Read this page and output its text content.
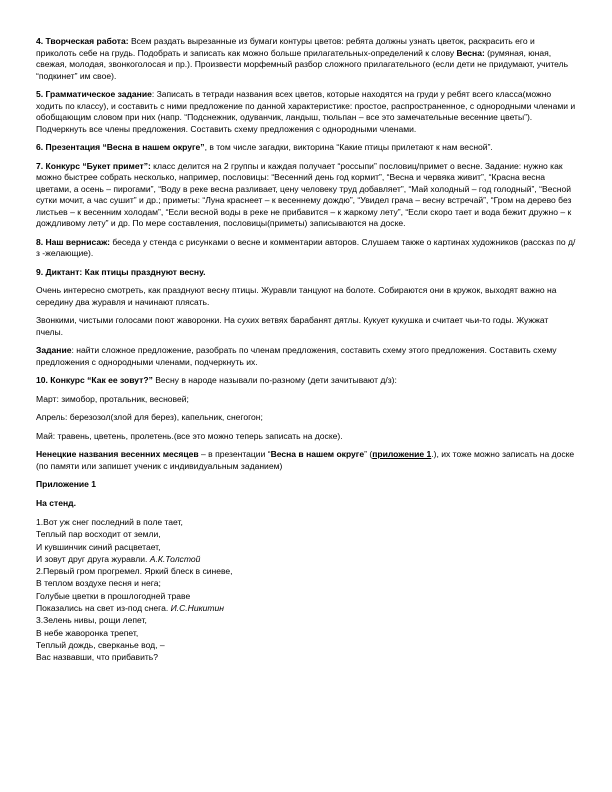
4. Творческая работа: Всем раздать вырезанные из бумаги контуры цветов: ребята должны узнать цветок, раскрасить его и приколоть себе на грудь. Подобрать и записать как можно больше прилагательных-определений к слову Весна: (румяная, юная, свежая, молодая, звонкоголосая и пр.). Произвести морфемный разбор сложного прилагательного (если дети не придумают, учитель “подкинет” им свое).

5. Грамматическое задание: Записать в тетради названия всех цветов, которые находятся на груди у ребят всего класса(можно ходить по классу), и составить с ними предложение по данной характеристике: простое, распространенное, с однородными членами и обобщающим словом при них (напр. “Подснежник, одуванчик, ландыш, тюльпан – все это замечательные весенние цветы”). Подчеркнуть все члены предложения. Составить схему предложения с однородными членами.

6. Презентация “Весна в нашем округе”, в том числе загадки, викторина “Какие птицы прилетают к нам весной”.

7. Конкурс “Букет примет”: класс делится на 2 группы и каждая получает “россыпи” пословиц/примет о весне. Задание: нужно как можно быстрее собрать несколько, например, пословицы: “Весенний день год кормит”, “Весна и червяка живит”, “Красна весна цветами, а осень – пирогами”, “Воду в реке весна разливает, цену человеку труд добавляет”, “Май холодный – год голодный”, “Весной сутки мочит, а час сушит” и др.; приметы: “Луна краснеет – к весеннему дождю”, “Увидел грача – весну встречай”, “Гром на дерево без листьев – к весенним холодам”, “Если весной воды в реке не прибавится – к жаркому лету”, “Если скоро тает и вода бежит дружно – к дождливому лету” и др. По мере составления, пословицы(приметы) записываются на доске.

8. Наш вернисаж: беседа у стенда с рисунками о весне и комментарии авторов. Слушаем также о картинах художников (рассказ по д/з -желающие).

9. Диктант: Как птицы празднуют весну.

Очень интересно смотреть, как празднуют весну птицы. Журавли танцуют на болоте. Собираются они в кружок, выходят важно на середину два журавля и начинают плясать.

Звонкими, чистыми голосами поют жаворонки. На сухих ветвях барабанят дятлы. Кукует кукушка и считает чьи-то годы. Жужжат пчелы.

Задание: найти сложное предложение, разобрать по членам предложения, составить схему этого предложения. Составить схему предложения с однородными членами, подчеркнуть их.

10. Конкурс “Как ее зовут?” Весну в народе называли по-разному (дети зачитывают д/з):

Март: зимобор, протальник, весновей;

Апрель: березозол(злой для берез), капельник, снегогон;

Май: травень, цветень, пролетень.(все это можно теперь записать на доске).

Ненецкие названия весенних месяцев – в презентации “Весна в нашем округе” (приложение 1.), их тоже можно записать на доске (по памяти или запишет ученик с индивидуальным заданием)

Приложение 1

На стенд.

1.Вот уж снег последний в поле тает,
Теплый пар восходит от земли,
И кувшинчик синий расцветает,
И зовут друг друга журавли. А.К.Толстой
2.Первый гром прогремел. Яркий блеск в синеве,
В теплом воздухе песня и нега;
Голубые цветки в прошлогодней траве
Показались на свет из-под снега. И.С.Никитин
3.Зелень нивы, рощи лепет,
В небе жаворонка трепет,
Теплый дождь, сверканье вод, –
Вас назвавши, что прибавить?
